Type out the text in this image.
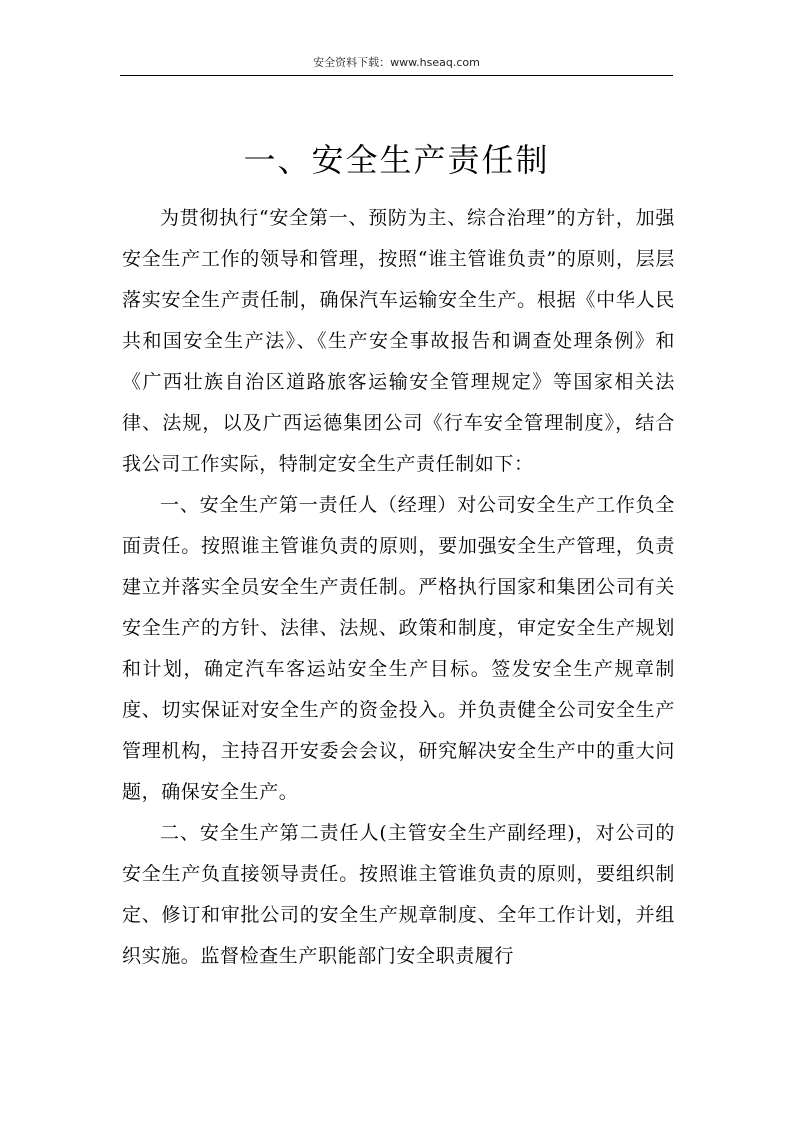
安全资料下载：www.hseaq.com
一、安全生产责任制

为贯彻执行“安全第一、预防为主、综合治理”的方针，加强安全生产工作的领导和管理，按照“谁主管谁负责”的原则，层层落实安全生产责任制，确保汽车运输安全生产。根据《中华人民共和国安全生产法》、《生产安全事故报告和调查处理条例》和《广西壮族自治区道路旅客运输安全管理规定》等国家相关法律、法规，以及广西运德集团公司《行车安全管理制度》，结合我公司工作实际，特制定安全生产责任制如下：

一、安全生产第一责任人（经理）对公司安全生产工作负全面责任。按照谁主管谁负责的原则，要加强安全生产管理，负责建立并落实全员安全生产责任制。严格执行国家和集团公司有关安全生产的方针、法律、法规、政策和制度，审定安全生产规划和计划，确定汽车客运站安全生产目标。签发安全生产规章制度、切实保证对安全生产的资金投入。并负责健全公司安全生产管理机构，主持召开安委会会议，研究解决安全生产中的重大问题，确保安全生产。

二、安全生产第二责任人(主管安全生产副经理)，对公司的安全生产负直接领导责任。按照谁主管谁负责的原则，要组织制定、修订和审批公司的安全生产规章制度、全年工作计划，并组织实施。监督检查生产职能部门安全职责履行
